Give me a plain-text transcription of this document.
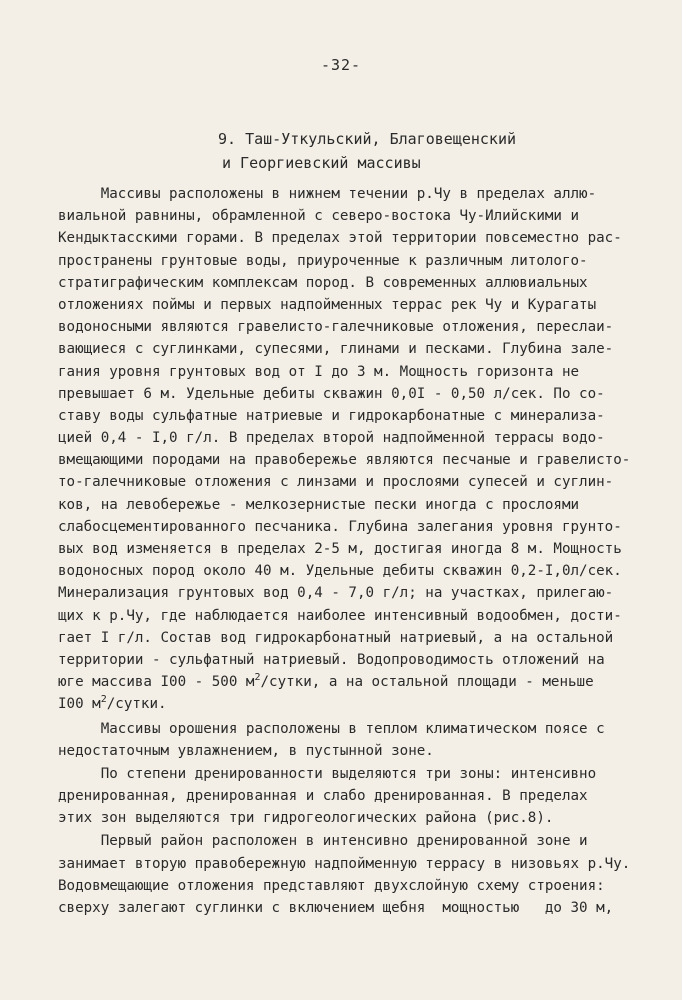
-32-
9. Таш-Уткульский, Благовещенский
и Георгиевский массивы
Массивы расположены в нижнем течении р.Чу в пределах аллю-
виальной равнины, обрамленной с северо-востока Чу-Илийскими и
Кендыктасскими горами. В пределах этой территории повсеместно рас-
пространены грунтовые воды, приуроченные к различным литолого-
стратиграфическим комплексам пород. В современных аллювиальных
отложениях поймы и первых надпойменных террас рек Чу и Курагаты
водоносными являются гравелисто-галечниковые отложения, переслаи-
вающиеся с суглинками, супесями, глинами и песками. Глубина зале-
гания уровня грунтовых вод от I до 3 м. Мощность горизонта не
превышает 6 м. Удельные дебиты скважин 0,0I - 0,50 л/сек. По со-
ставу воды сульфатные натриевые и гидрокарбонатные с минерализа-
цией 0,4 - I,0 г/л. В пределах второй надпойменной террасы водо-
вмещающими породами на правобережье являются песчаные и гравелисто-
то-галечниковые отложения с линзами и прослоями супесей и суглин-
ков, на левобережье - мелкозернистые пески иногда с прослоями
слабосцементированного песчаника. Глубина залегания уровня грунто-
вых вод изменяется в пределах 2-5 м, достигая иногда 8 м. Мощность
водоносных пород около 40 м. Удельные дебиты скважин 0,2-I,0л/сек.
Минерализация грунтовых вод 0,4 - 7,0 г/л; на участках, прилегаю-
щих к р.Чу, где наблюдается наиболее интенсивный водообмен, дости-
гает I г/л. Состав вод гидрокарбонатный натриевый, а на остальной
территории - сульфатный натриевый. Водопроводимость отложений на
юге массива I00 - 500 $м^2$/сутки, а на остальной площади - меньше
I00 $м^2$/сутки.
Массивы орошения расположены в теплом климатическом поясе с
недостаточным увлажнением, в пустынной зоне.
По степени дренированности выделяются три зоны: интенсивно
дренированная, дренированная и слабо дренированная. В пределах
этих зон выделяются три гидрогеологических района (рис.8).
Первый район расположен в интенсивно дренированной зоне и
занимает вторую правобережную надпойменную террасу в низовьях р.Чу.
Водовмещающие отложения представляют двухслойную схему строения:
сверху залегают суглинки с включением щебня  мощностью   до 30 м,
